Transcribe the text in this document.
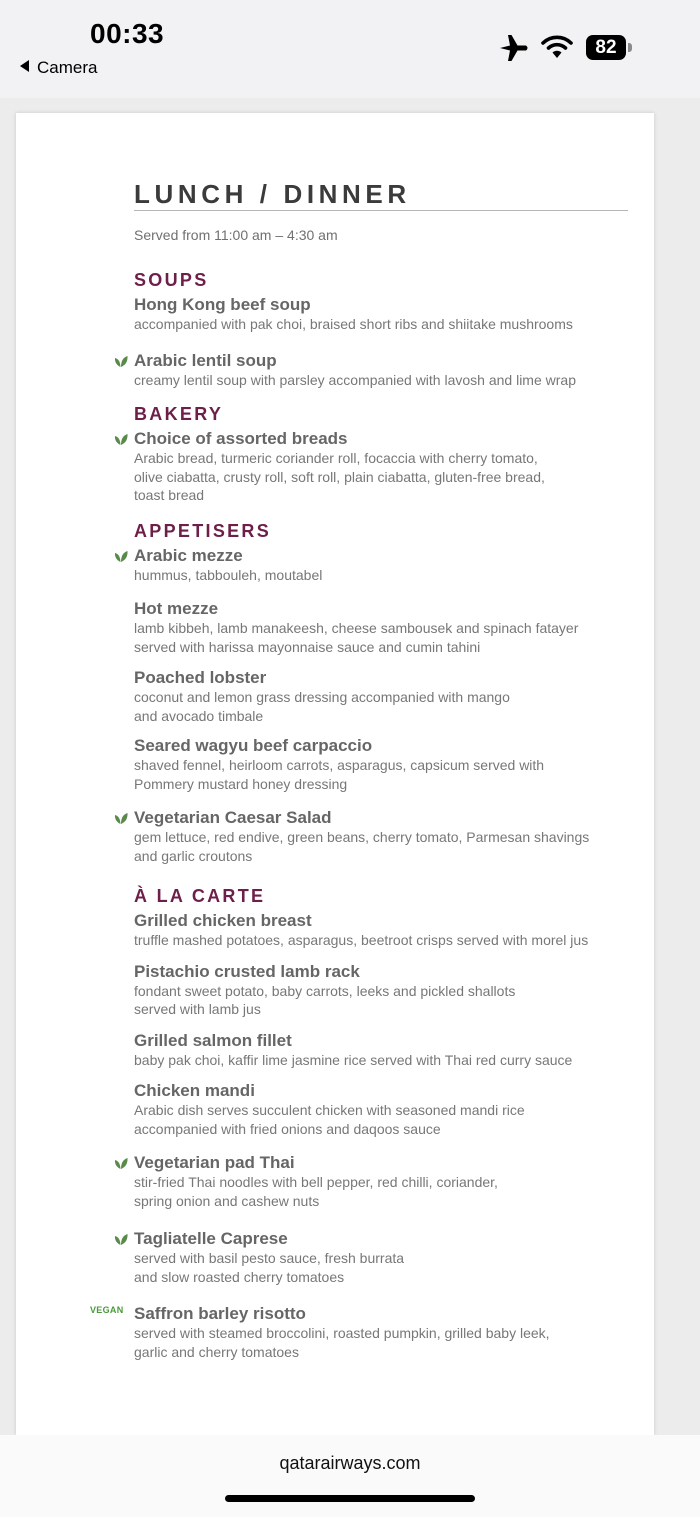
00:33
Camera
82
LUNCH / DINNER
Served from 11:00 am – 4:30 am
SOUPS
Hong Kong beef soup
accompanied with pak choi, braised short ribs and shiitake mushrooms
Arabic lentil soup
creamy lentil soup with parsley accompanied with lavosh and lime wrap
BAKERY
Choice of assorted breads
Arabic bread, turmeric coriander roll, focaccia with cherry tomato,
olive ciabatta, crusty roll, soft roll, plain ciabatta, gluten-free bread,
toast bread
APPETISERS
Arabic mezze
hummus, tabbouleh, moutabel
Hot mezze
lamb kibbeh, lamb manakeesh, cheese sambousek and spinach fatayer
served with harissa mayonnaise sauce and cumin tahini
Poached lobster
coconut and lemon grass dressing accompanied with mango
and avocado timbale
Seared wagyu beef carpaccio
shaved fennel, heirloom carrots, asparagus, capsicum served with
Pommery mustard honey dressing
Vegetarian Caesar Salad
gem lettuce, red endive, green beans, cherry tomato, Parmesan shavings
and garlic croutons
À LA CARTE
Grilled chicken breast
truffle mashed potatoes, asparagus, beetroot crisps served with morel jus
Pistachio crusted lamb rack
fondant sweet potato, baby carrots, leeks and pickled shallots
served with lamb jus
Grilled salmon fillet
baby pak choi, kaffir lime jasmine rice served with Thai red curry sauce
Chicken mandi
Arabic dish serves succulent chicken with seasoned mandi rice
accompanied with fried onions and daqoos sauce
Vegetarian pad Thai
stir-fried Thai noodles with bell pepper, red chilli, coriander,
spring onion and cashew nuts
Tagliatelle Caprese
served with basil pesto sauce, fresh burrata
and slow roasted cherry tomatoes
VEGAN Saffron barley risotto
served with steamed broccolini, roasted pumpkin, grilled baby leek,
garlic and cherry tomatoes
qatarairways.com
